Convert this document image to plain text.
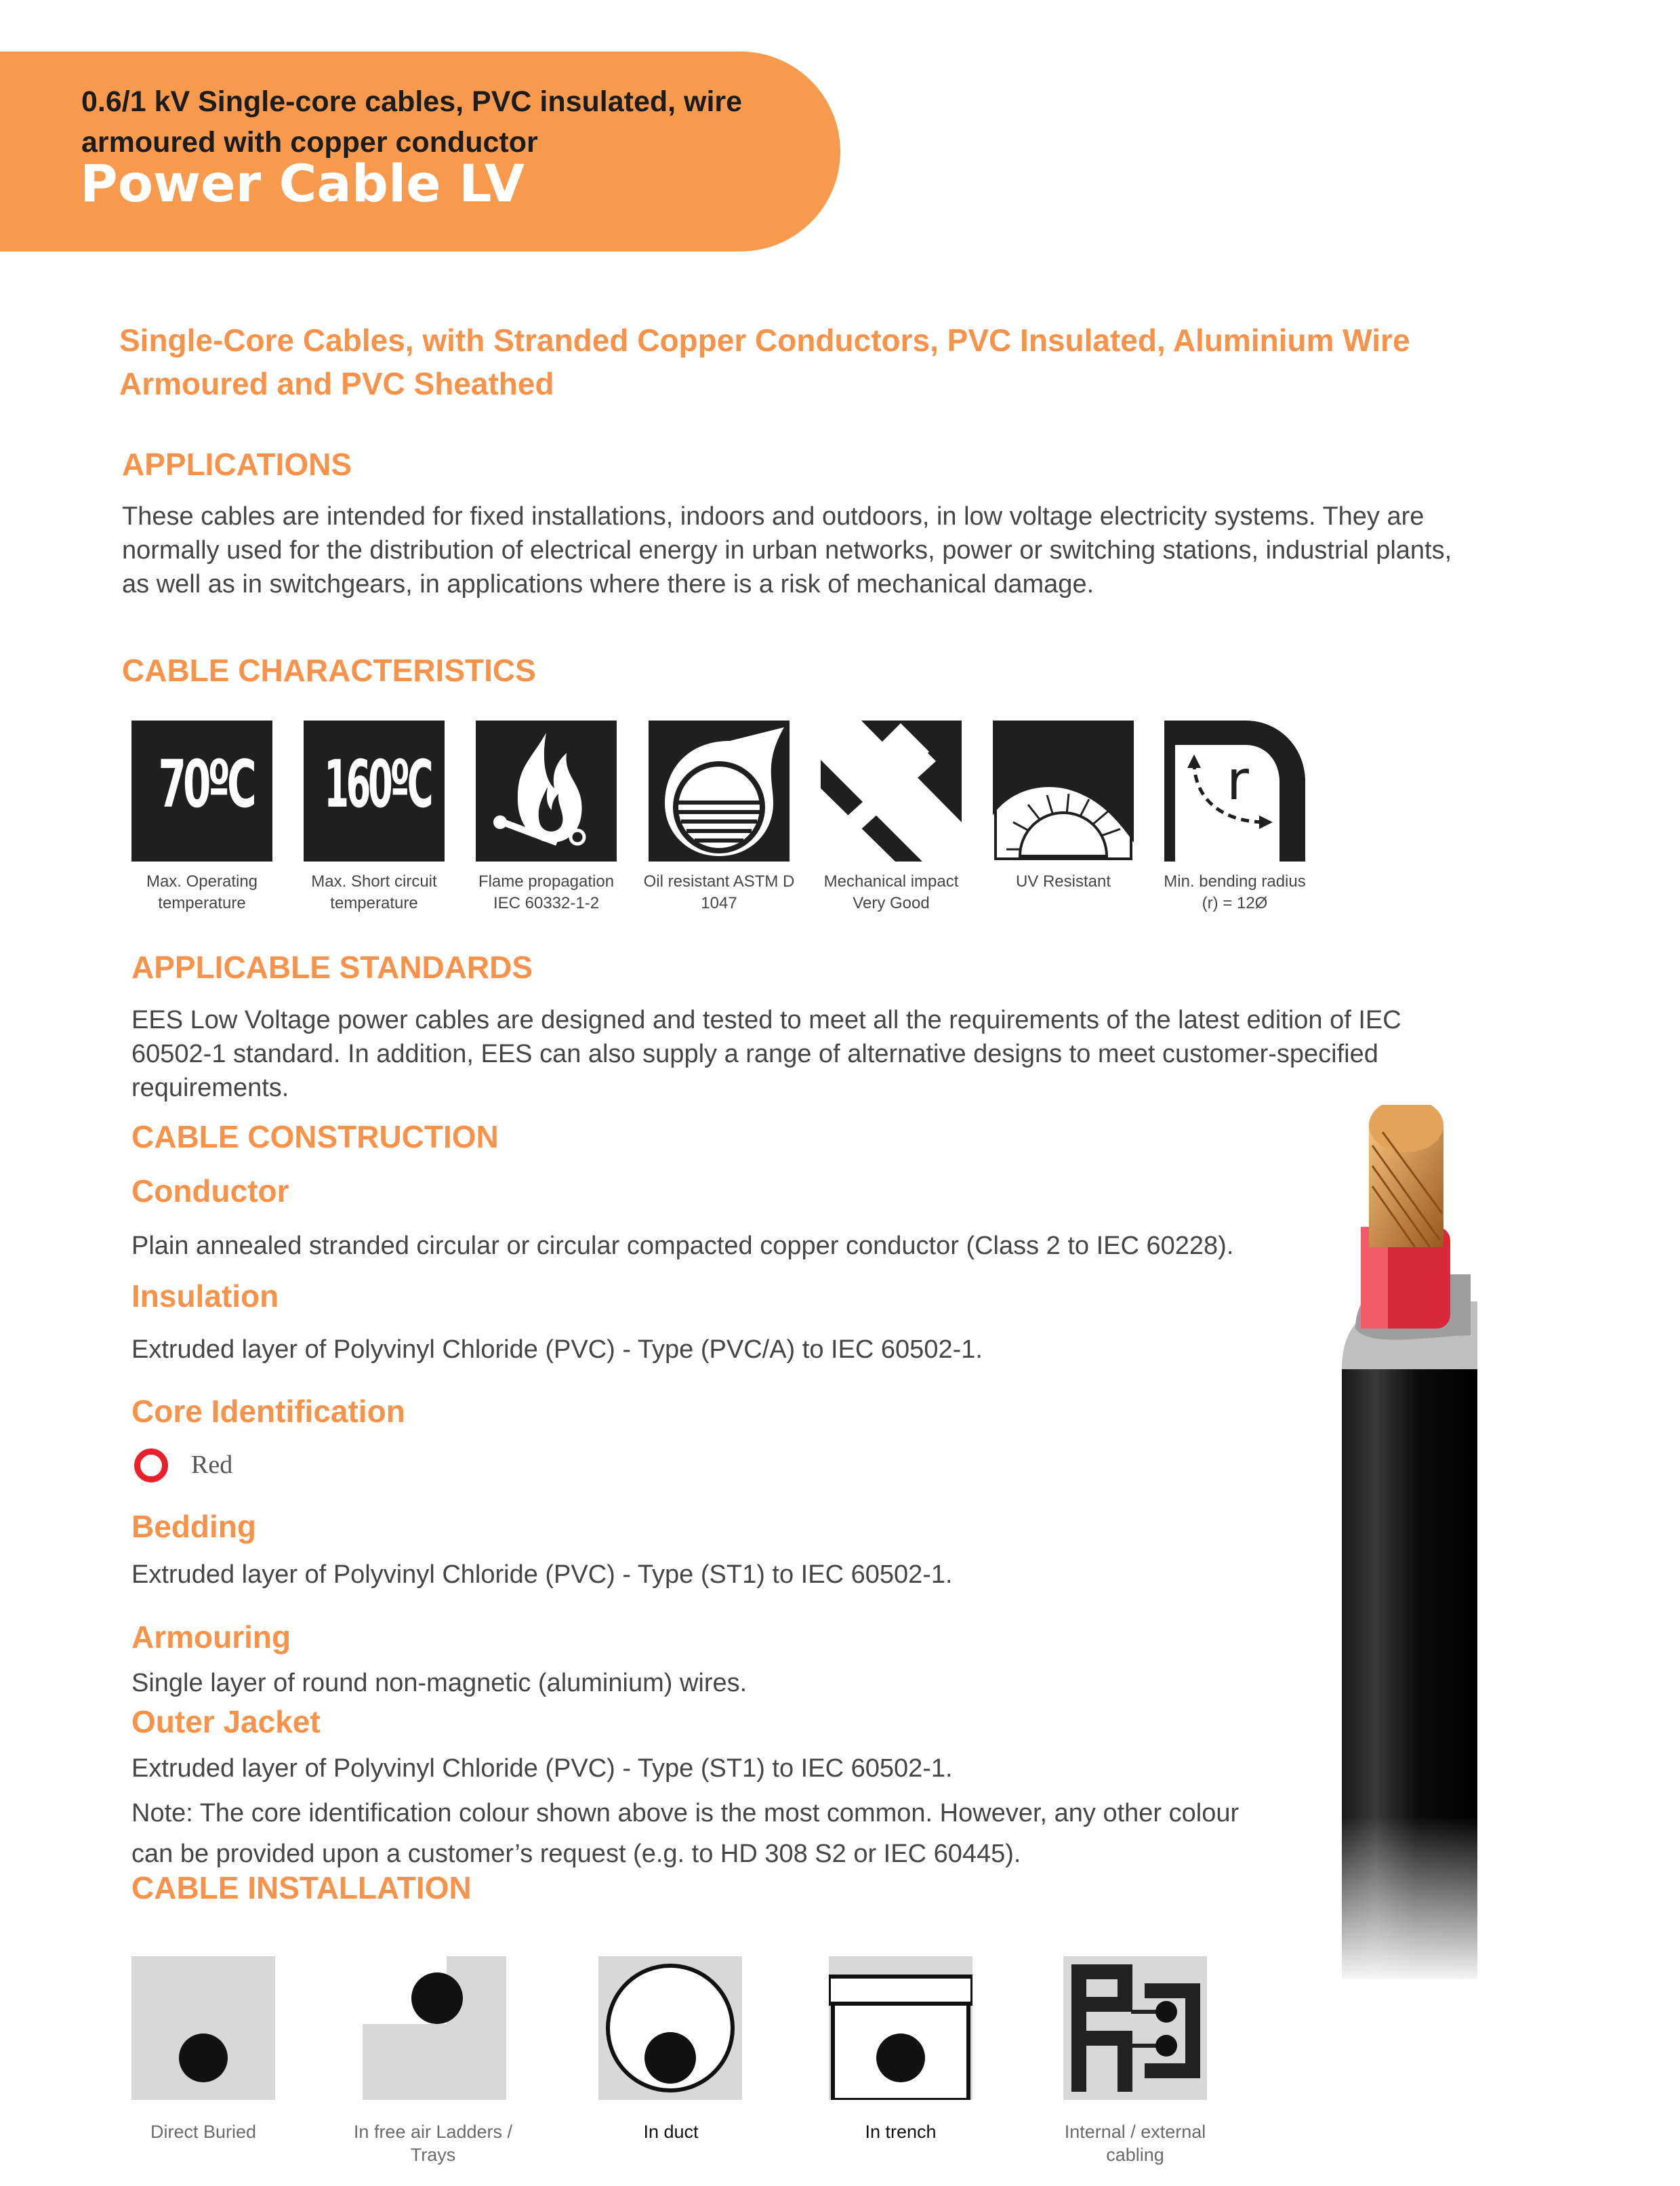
0.6/1 kV Single-core cables, PVC insulated, wire armoured with copper conductor
Power Cable LV
Single-Core Cables, with Stranded Copper Conductors, PVC Insulated, Aluminium Wire Armoured and PVC Sheathed
APPLICATIONS
These cables are intended for fixed installations, indoors and outdoors, in low voltage electricity systems. They are normally used for the distribution of electrical energy in urban networks, power or switching stations, industrial plants, as well as in switchgears, in applications where there is a risk of mechanical damage.
CABLE CHARACTERISTICS
70ºC
Max. Operating temperature
160ºC
Max. Short circuit temperature
Flame propagation IEC 60332-1-2
Oil resistant ASTM D 1047
Mechanical impact Very Good
UV Resistant
r
Min. bending radius (r) = 12Ø
APPLICABLE STANDARDS
EES Low Voltage power cables are designed and tested to meet all the requirements of the latest edition of IEC 60502-1 standard. In addition, EES can also supply a range of alternative designs to meet customer-specified requirements.
CABLE CONSTRUCTION
Conductor
Plain annealed stranded circular or circular compacted copper conductor (Class 2 to IEC 60228).
Insulation
Extruded layer of Polyvinyl Chloride (PVC) - Type (PVC/A) to IEC 60502-1.
Core Identification
Red
Bedding
Extruded layer of Polyvinyl Chloride (PVC) - Type (ST1) to IEC 60502-1.
Armouring
Single layer of round non-magnetic (aluminium) wires.
Outer Jacket
Extruded layer of Polyvinyl Chloride (PVC) - Type (ST1) to IEC 60502-1.
Note: The core identification colour shown above is the most common. However, any other colour
can be provided upon a customer’s request (e.g. to HD 308 S2 or IEC 60445).
CABLE INSTALLATION
Direct Buried	In free air Ladders / Trays
In duct	In trench	Internal / external cabling
